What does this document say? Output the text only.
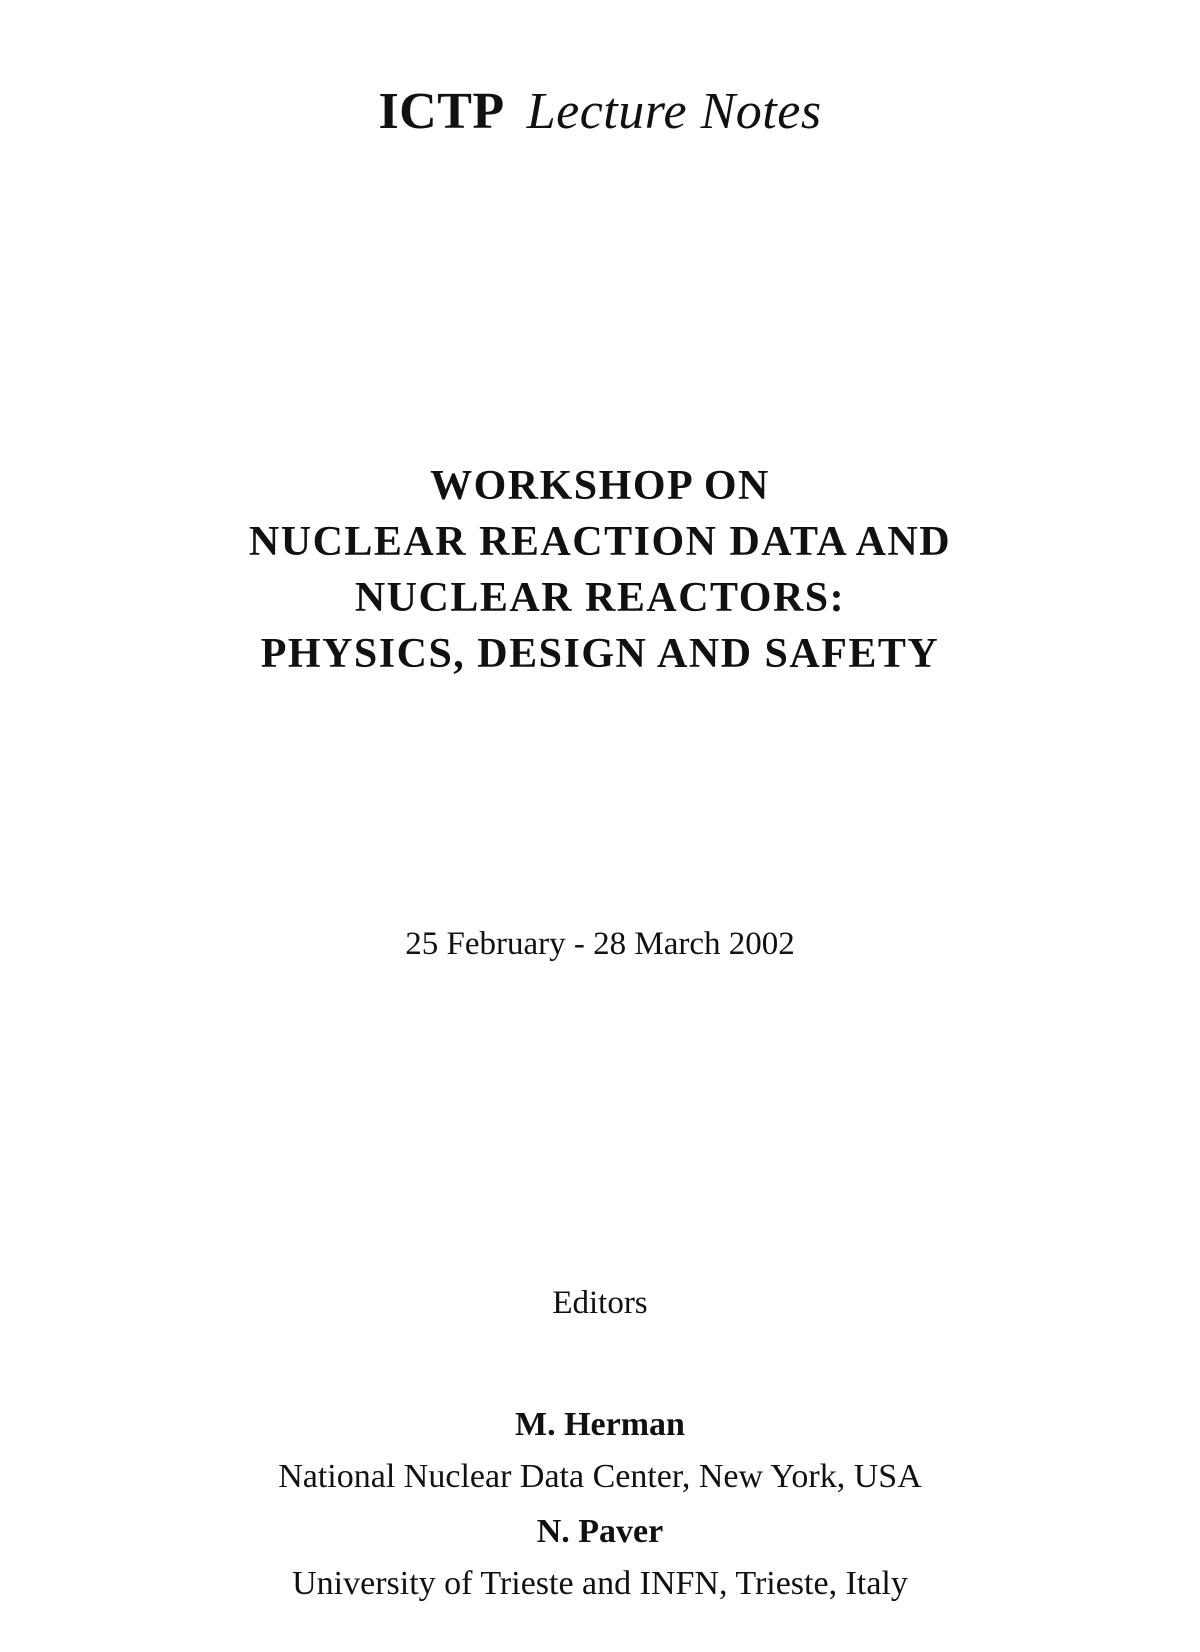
ICTP Lecture Notes
WORKSHOP ON
NUCLEAR REACTION DATA AND
NUCLEAR REACTORS:
PHYSICS, DESIGN AND SAFETY
25 February - 28 March 2002
Editors
M. Herman
National Nuclear Data Center, New York, USA
N. Paver
University of Trieste and INFN, Trieste, Italy
